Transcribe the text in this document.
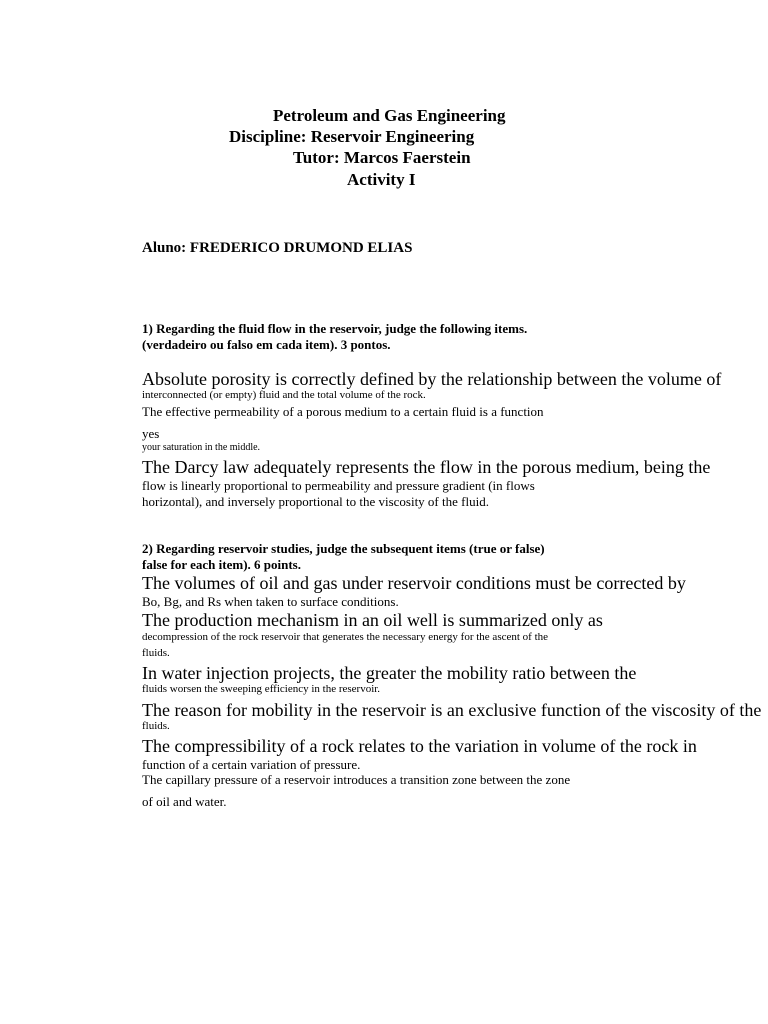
Petroleum and Gas Engineering
Discipline: Reservoir Engineering
Tutor: Marcos Faerstein
Activity I
Aluno: FREDERICO DRUMOND ELIAS
1) Regarding the fluid flow in the reservoir, judge the following items.
(verdadeiro ou falso em cada item). 3 pontos.
Absolute porosity is correctly defined by the relationship between the volume of
interconnected (or empty) fluid and the total volume of the rock.
The effective permeability of a porous medium to a certain fluid is a function
yes
your saturation in the middle.
The Darcy law adequately represents the flow in the porous medium, being the
flow is linearly proportional to permeability and pressure gradient (in flows
horizontal), and inversely proportional to the viscosity of the fluid.
2) Regarding reservoir studies, judge the subsequent items (true or false)
false for each item). 6 points.
The volumes of oil and gas under reservoir conditions must be corrected by
Bo, Bg, and Rs when taken to surface conditions.
The production mechanism in an oil well is summarized only as
decompression of the rock reservoir that generates the necessary energy for the ascent of the
fluids.
In water injection projects, the greater the mobility ratio between the
fluids worsen the sweeping efficiency in the reservoir.
The reason for mobility in the reservoir is an exclusive function of the viscosity of the
fluids.
The compressibility of a rock relates to the variation in volume of the rock in
function of a certain variation of pressure.
The capillary pressure of a reservoir introduces a transition zone between the zone
of oil and water.
